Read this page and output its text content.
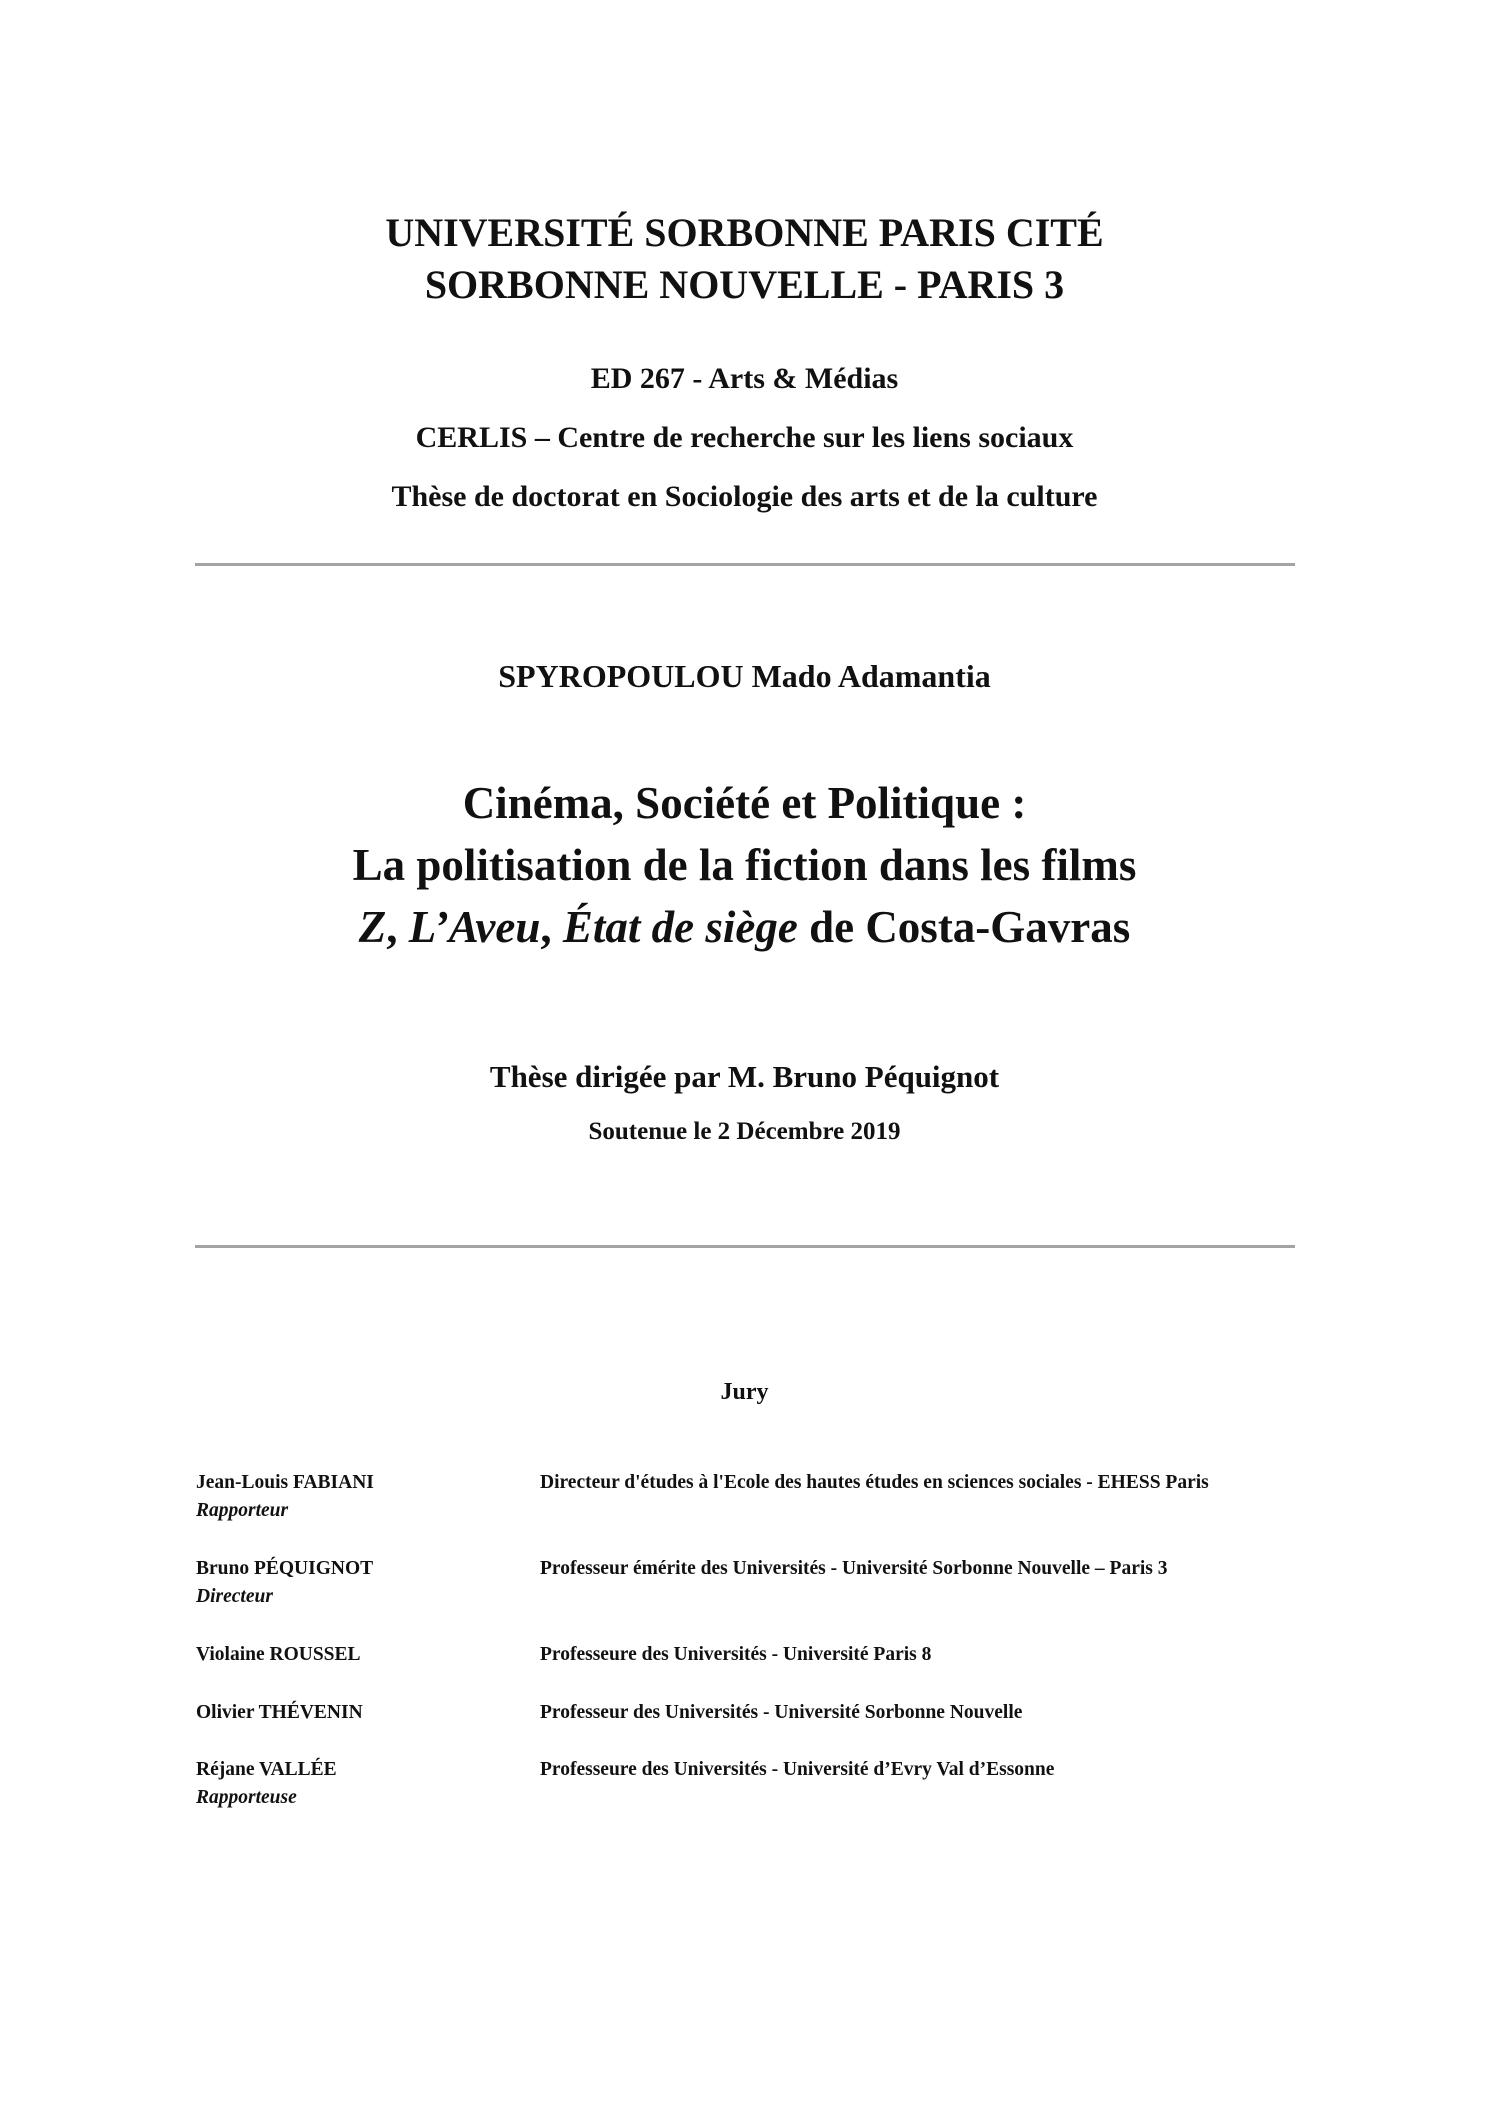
UNIVERSITÉ SORBONNE PARIS CITÉ
SORBONNE NOUVELLE - PARIS 3
ED 267 - Arts & Médias
CERLIS – Centre de recherche sur les liens sociaux
Thèse de doctorat en Sociologie des arts et de la culture
SPYROPOULOU Mado Adamantia
Cinéma, Société et Politique :
La politisation de la fiction dans les films
Z, L’Aveu, État de siège de Costa-Gavras
Thèse dirigée par M. Bruno Péquignot
Soutenue le 2 Décembre 2019
Jury
Jean-Louis FABIANI
Rapporteur
Directeur d'études à l'Ecole des hautes études en sciences sociales - EHESS Paris
Bruno PÉQUIGNOT
Directeur
Professeur émérite des Universités - Université Sorbonne Nouvelle – Paris 3
Violaine ROUSSEL	Professeure des Universités - Université Paris 8
Olivier THÉVENIN	Professeur des Universités - Université Sorbonne Nouvelle
Réjane VALLÉE
Rapporteuse
Professeure des Universités - Université d’Evry Val d’Essonne
